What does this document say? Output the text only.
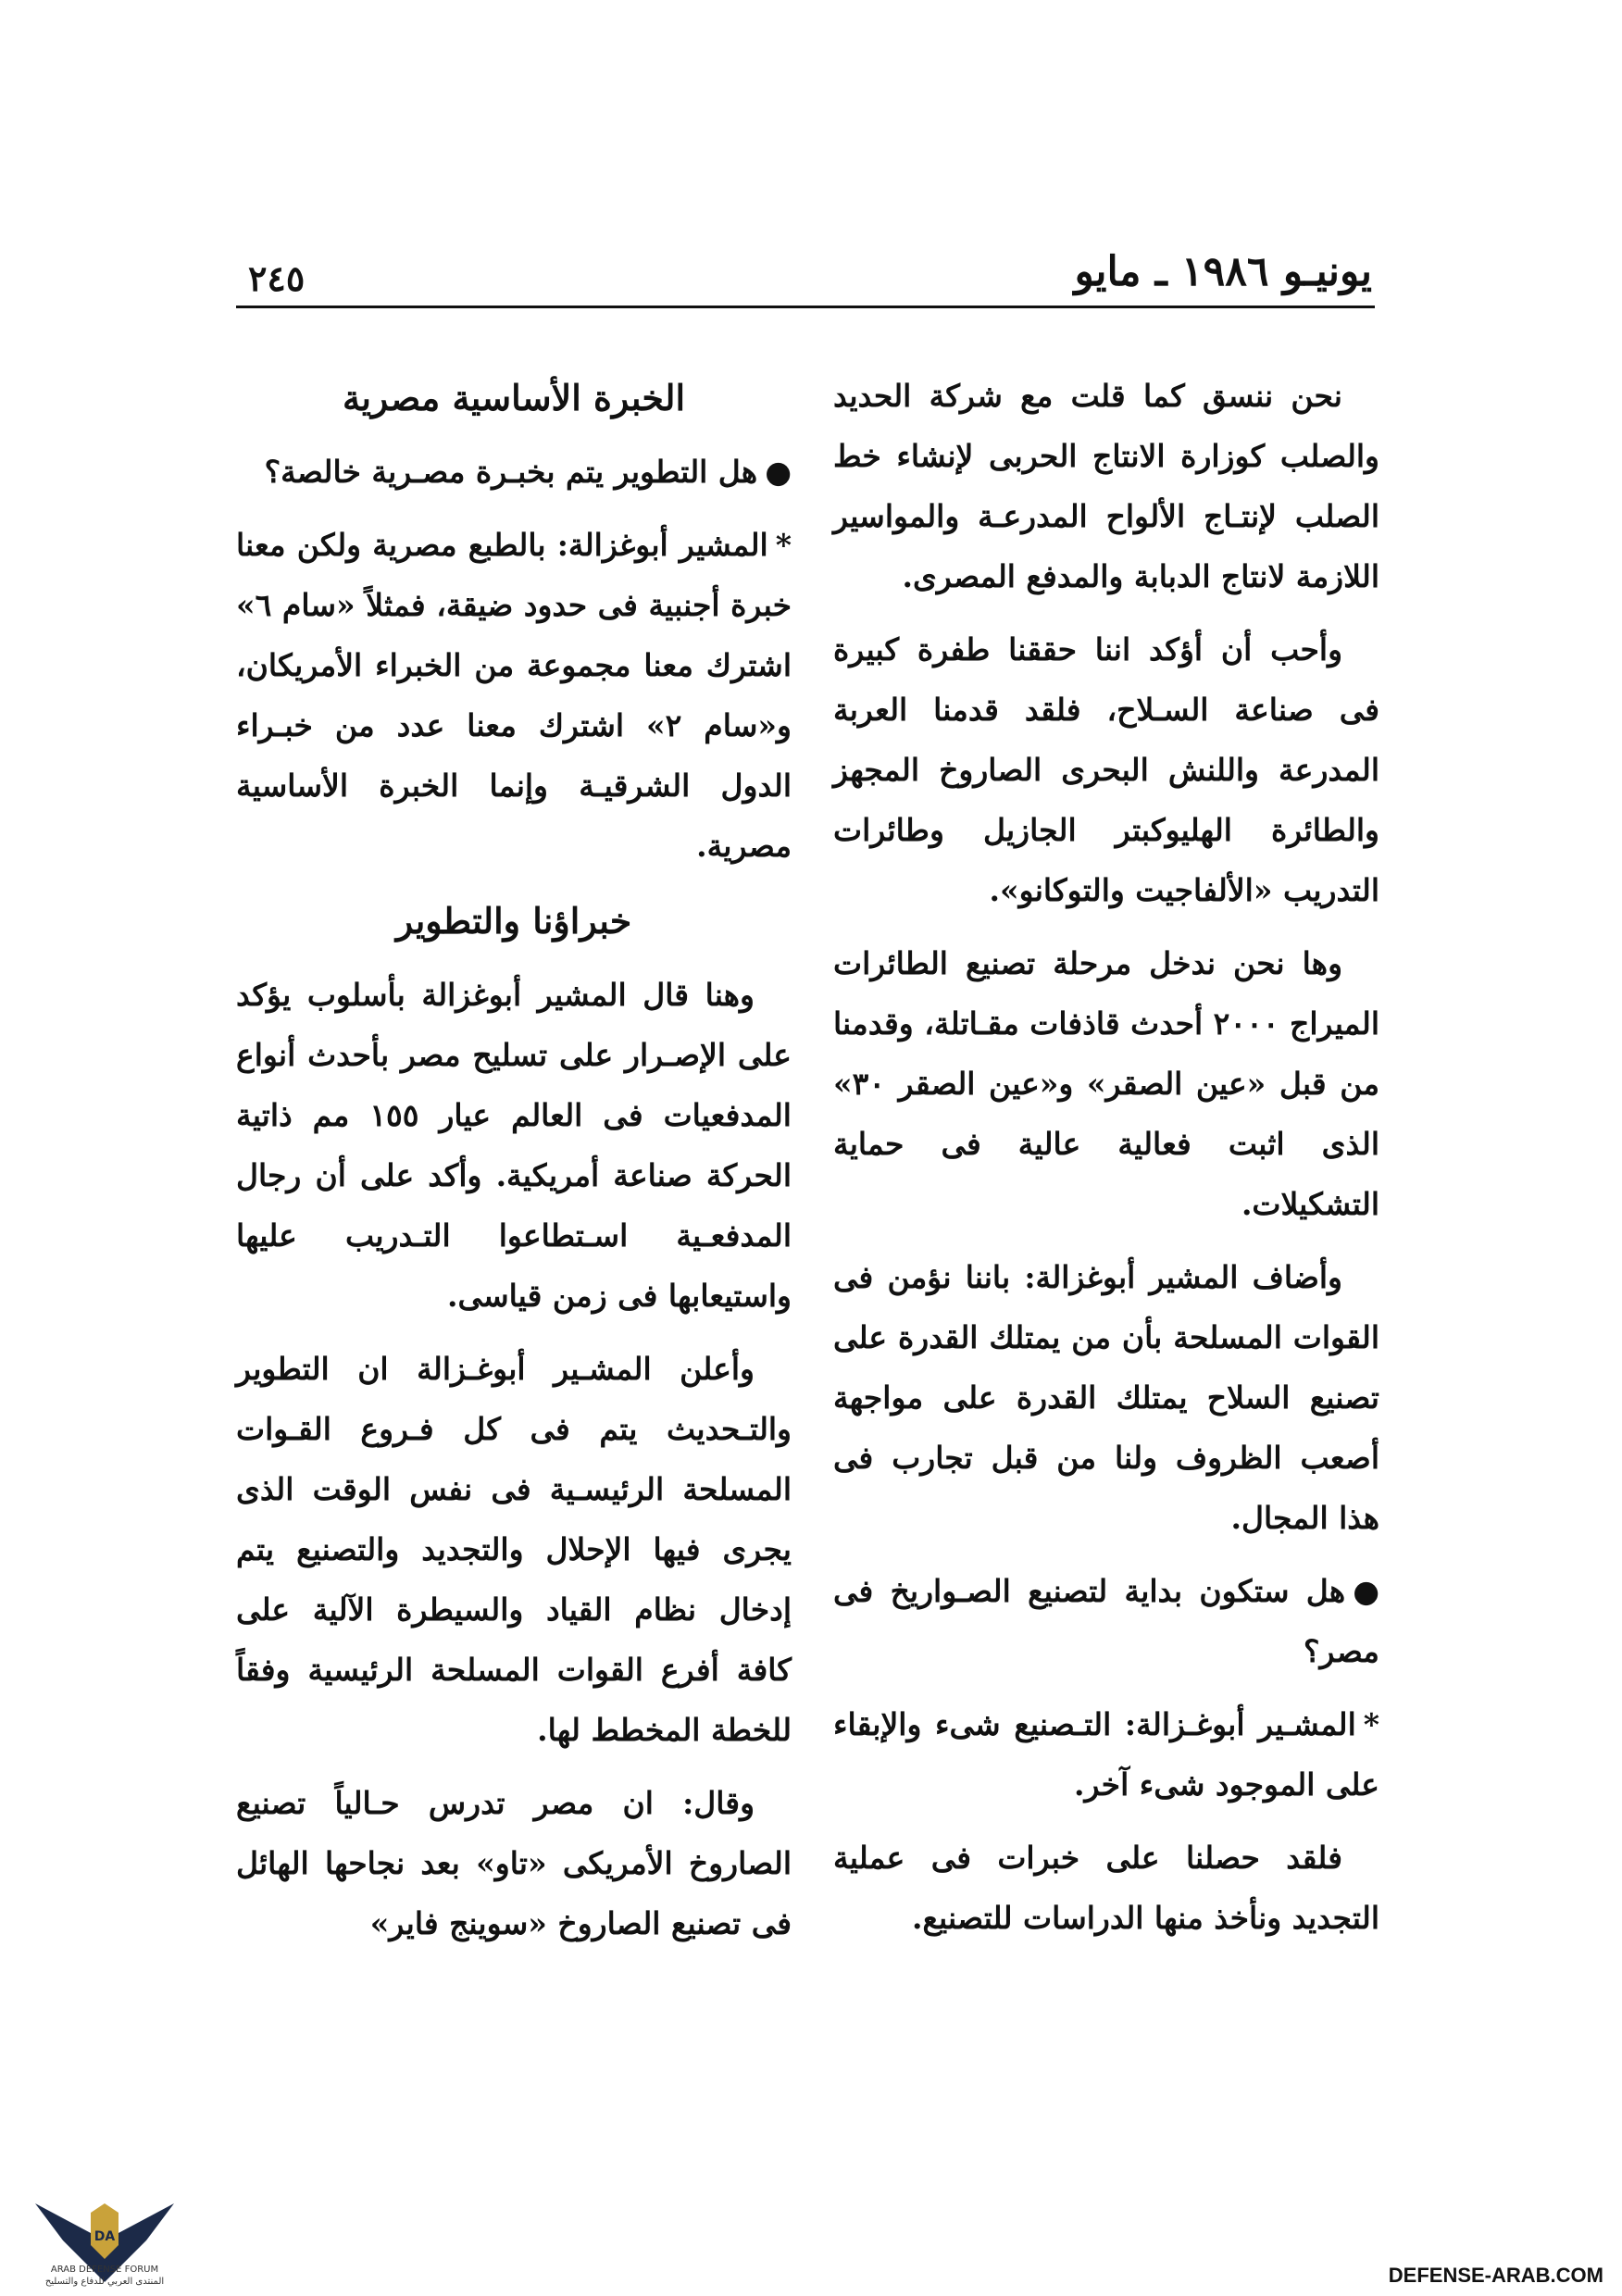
يونيـو ١٩٨٦ ـ مايو
٢٤٥

نحن ننسق كما قلت مع شركة الحديد والصلب كوزارة الانتاج الحربى لإنشاء خط الصلب لإنتـاج الألواح المدرعـة والمواسير اللازمة لانتاج الدبابة والمدفع المصرى.

وأحب أن أؤكد اننا حققنا طفرة كبيرة فى صناعة السـلاح، فلقد قدمنا العربة المدرعة واللنش البحرى الصاروخ المجهز والطائرة الهليوكبتر الجازيل وطائرات التدريب «الألفاجيت والتوكانو».

وها نحن ندخل مرحلة تصنيع الطائرات الميراج ٢٠٠٠ أحدث قاذفات مقـاتلة، وقدمنا من قبل «عين الصقر» و«عين الصقر ٣٠» الذى اثبت فعالية عالية فى حماية التشكيلات.

وأضاف المشير أبوغزالة: باننا نؤمن فى القوات المسلحة بأن من يمتلك القدرة على تصنيع السلاح يمتلك القدرة على مواجهة أصعب الظروف ولنا من قبل تجارب فى هذا المجال.

●هل ستكون بداية لتصنيع الصـواريخ فى مصر؟

*المشـير أبوغـزالة: التـصنيع شىء والإبقاء على الموجود شىء آخر.

فلقد حصلنا على خبرات فى عملية التجديد ونأخذ منها الدراسات للتصنيع.

الخبرة الأساسية مصرية

●هل التطوير يتم بخبـرة مصـرية خالصة؟

*المشير أبوغزالة: بالطبع مصرية ولكن معنا خبرة أجنبية فى حدود ضيقة، فمثلاً «سام ٦» اشترك معنا مجموعة من الخبراء الأمريكان، و«سام ٢» اشترك معنا عدد من خبـراء الدول الشرقيـة وإنما الخبرة الأساسية مصرية.

خبراؤنا والتطوير

وهنا قال المشير أبوغزالة بأسلوب يؤكد على الإصـرار على تسليح مصر بأحدث أنواع المدفعيات فى العالم عيار ١٥٥ مم ذاتية الحركة صناعة أمريكية. وأكد على أن رجال المدفعـية اسـتطاعوا التـدريب عليها واستيعابها فى زمن قياسى.

وأعلن المشـير أبوغـزالة ان التطوير والتـحديث يتم فى كل فـروع القـوات المسلحة الرئيسـية فى نفس الوقت الذى يجرى فيها الإحلال والتجديد والتصنيع يتم إدخال نظام القياد والسيطرة الآلية على كافة أفرع القوات المسلحة الرئيسية وفقاً للخطة المخطط لها.

وقال: ان مصر تدرس حـالياً تصنيع الصاروخ الأمريكى «تاو» بعد نجاحها الهائل فى تصنيع الصاروخ «سوينج فاير»

DA
ARAB DEFENSE FORUM
المنتدى العربي للدفاع والتسليح	DEFENSE-ARAB.COM
